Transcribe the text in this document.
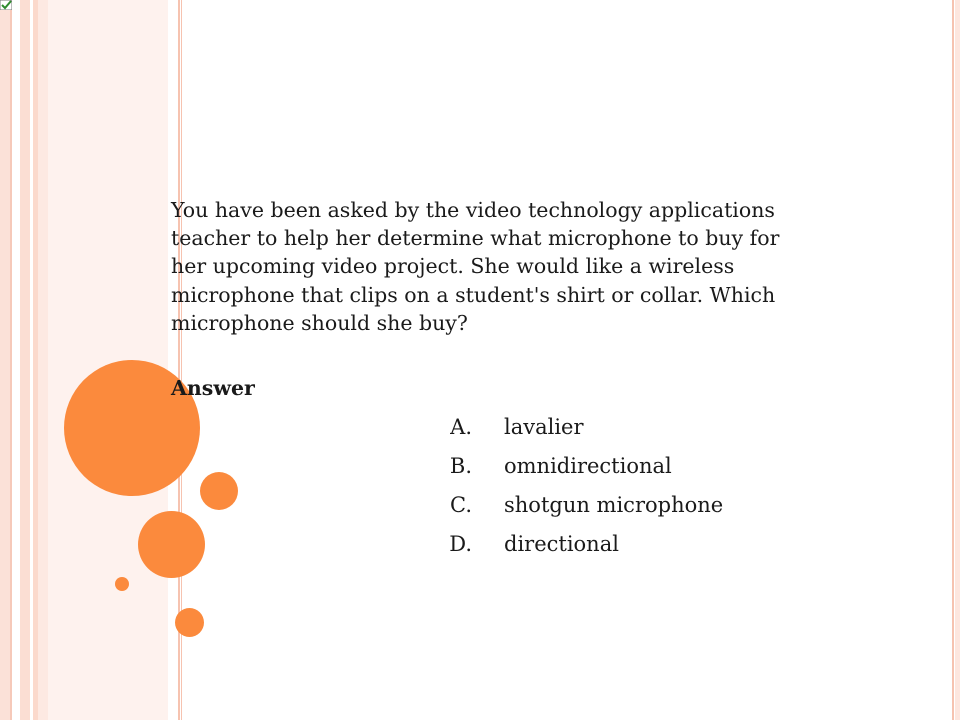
You have been asked by the video technology applications teacher to help her determine what microphone to buy for her upcoming video project. She would like a wireless microphone that clips on a student's shirt or collar. Which microphone should she buy?

Answer

A.	lavalier
B.	omnidirectional
C.	shotgun microphone
D.	directional
